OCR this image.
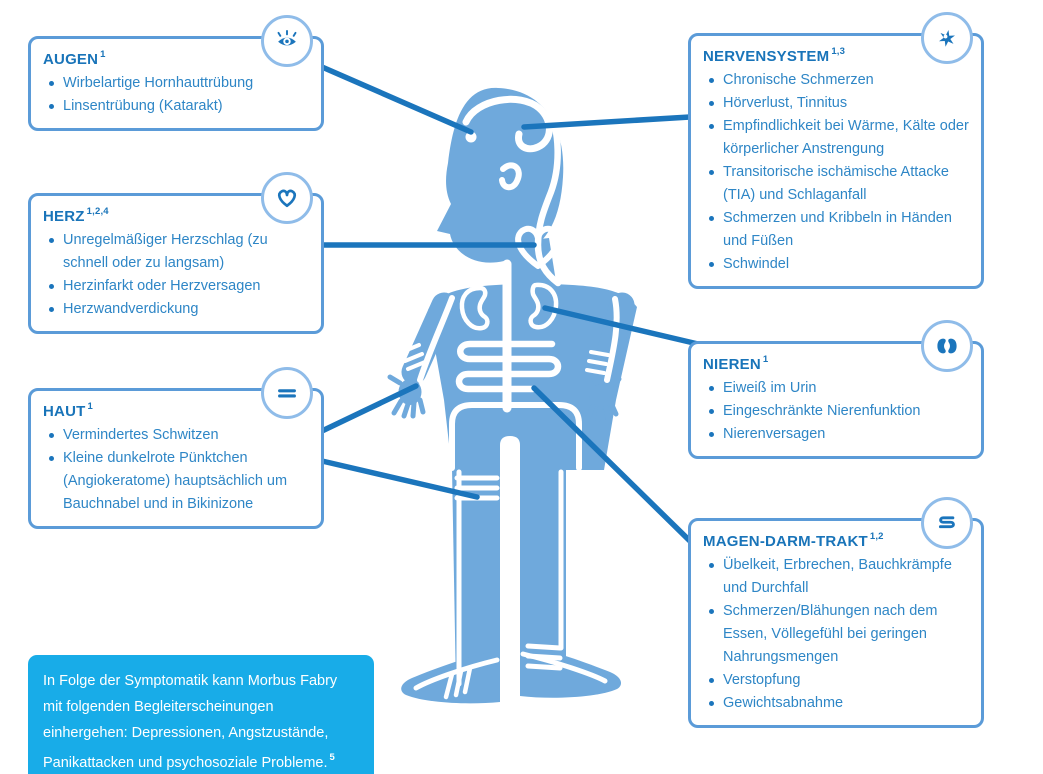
AUGEN $^1$
Wirbelartige Hornhauttrübung
Linsentrübung (Katarakt)
HERZ $^{1,2,4}$
Unregelmäßiger Herzschlag (zu schnell oder zu langsam)
Herzinfarkt oder Herzversagen
Herzwandverdickung
HAUT $^1$
Vermindertes Schwitzen
Kleine dunkelrote Pünktchen (Angiokeratome) hauptsächlich um Bauchnabel und in Bikinizone
NERVENSYSTEM $^{1,3}$
Chronische Schmerzen
Hörverlust, Tinnitus
Empfindlichkeit bei Wärme, Kälte oder körperlicher Anstrengung
Transitorische ischämische Attacke (TIA) und Schlaganfall
Schmerzen und Kribbeln in Händen und Füßen
Schwindel
NIEREN $^1$
Eiweiß im Urin
Eingeschränkte Nierenfunktion
Nierenversagen
MAGEN-DARM-TRAKT $^{1,2}$
Übelkeit, Erbrechen, Bauchkrämpfe und Durchfall
Schmerzen/Blähungen nach dem Essen, Völlegefühl bei geringen Nahrungsmengen
Verstopfung
Gewichtsabnahme
In Folge der Symptomatik kann Morbus Fabry mit folgenden Begleiterscheinungen einhergehen: Depressionen, Angstzustände, Panikattacken und psychosoziale Probleme. $^5$
